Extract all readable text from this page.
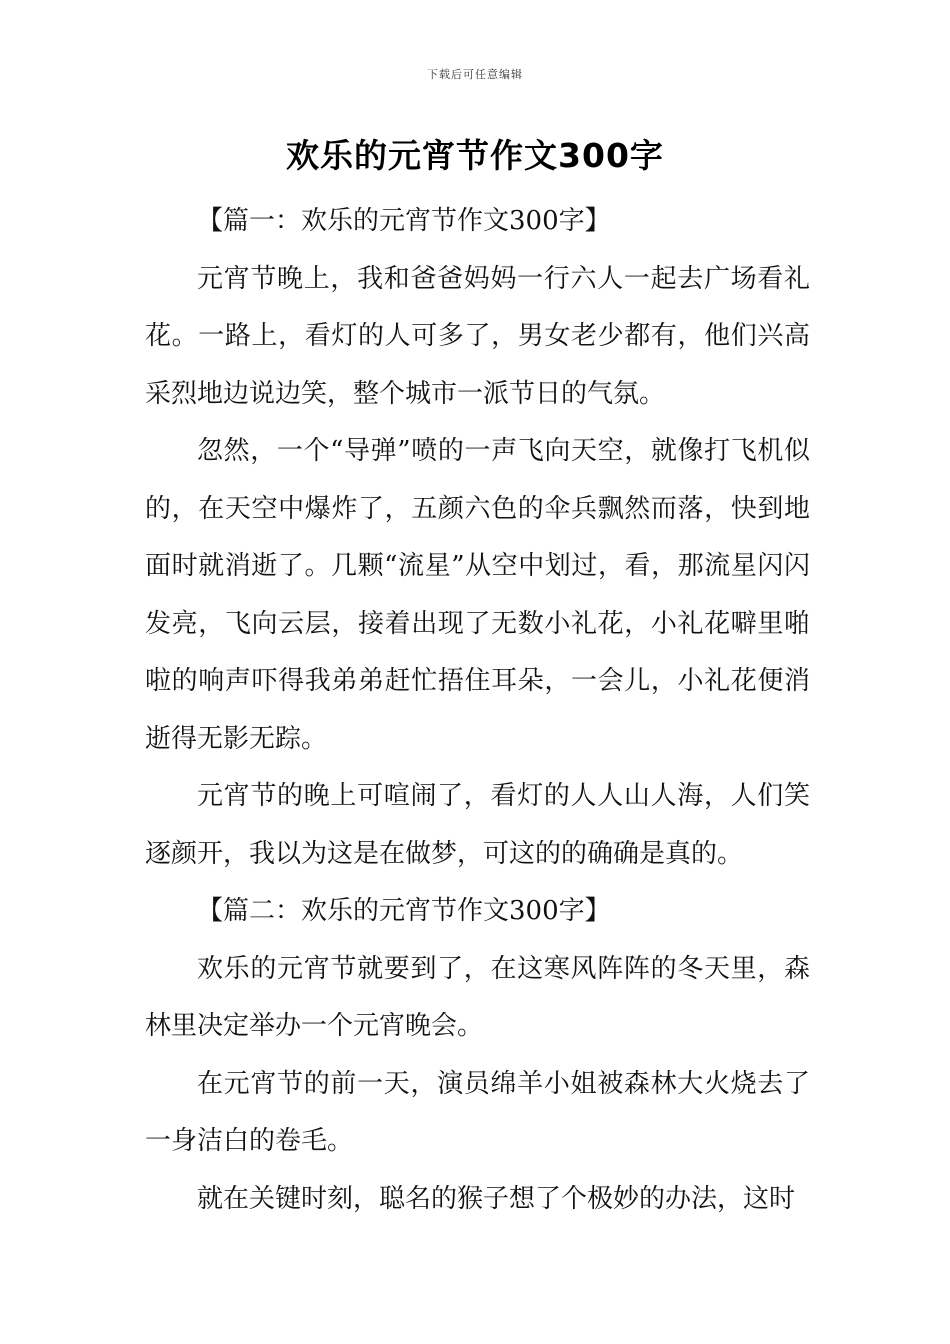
下载后可任意编辑
欢乐的元宵节作文300字

【篇一：欢乐的元宵节作文300字】

元宵节晚上，我和爸爸妈妈一行六人一起去广场看礼花。一路上，看灯的人可多了，男女老少都有，他们兴高采烈地边说边笑，整个城市一派节日的气氛。

忽然，一个“导弹”喷的一声飞向天空，就像打飞机似的，在天空中爆炸了，五颜六色的伞兵飘然而落，快到地面时就消逝了。几颗“流星”从空中划过，看，那流星闪闪发亮，飞向云层，接着出现了无数小礼花，小礼花噼里啪啦的响声吓得我弟弟赶忙捂住耳朵，一会儿，小礼花便消逝得无影无踪。

元宵节的晚上可喧闹了，看灯的人人山人海，人们笑逐颜开，我以为这是在做梦，可这的的确确是真的。

【篇二：欢乐的元宵节作文300字】

欢乐的元宵节就要到了，在这寒风阵阵的冬天里，森林里决定举办一个元宵晚会。

在元宵节的前一天，演员绵羊小姐被森林大火烧去了一身洁白的卷毛。

就在关键时刻，聪名的猴子想了个极妙的办法，这时
